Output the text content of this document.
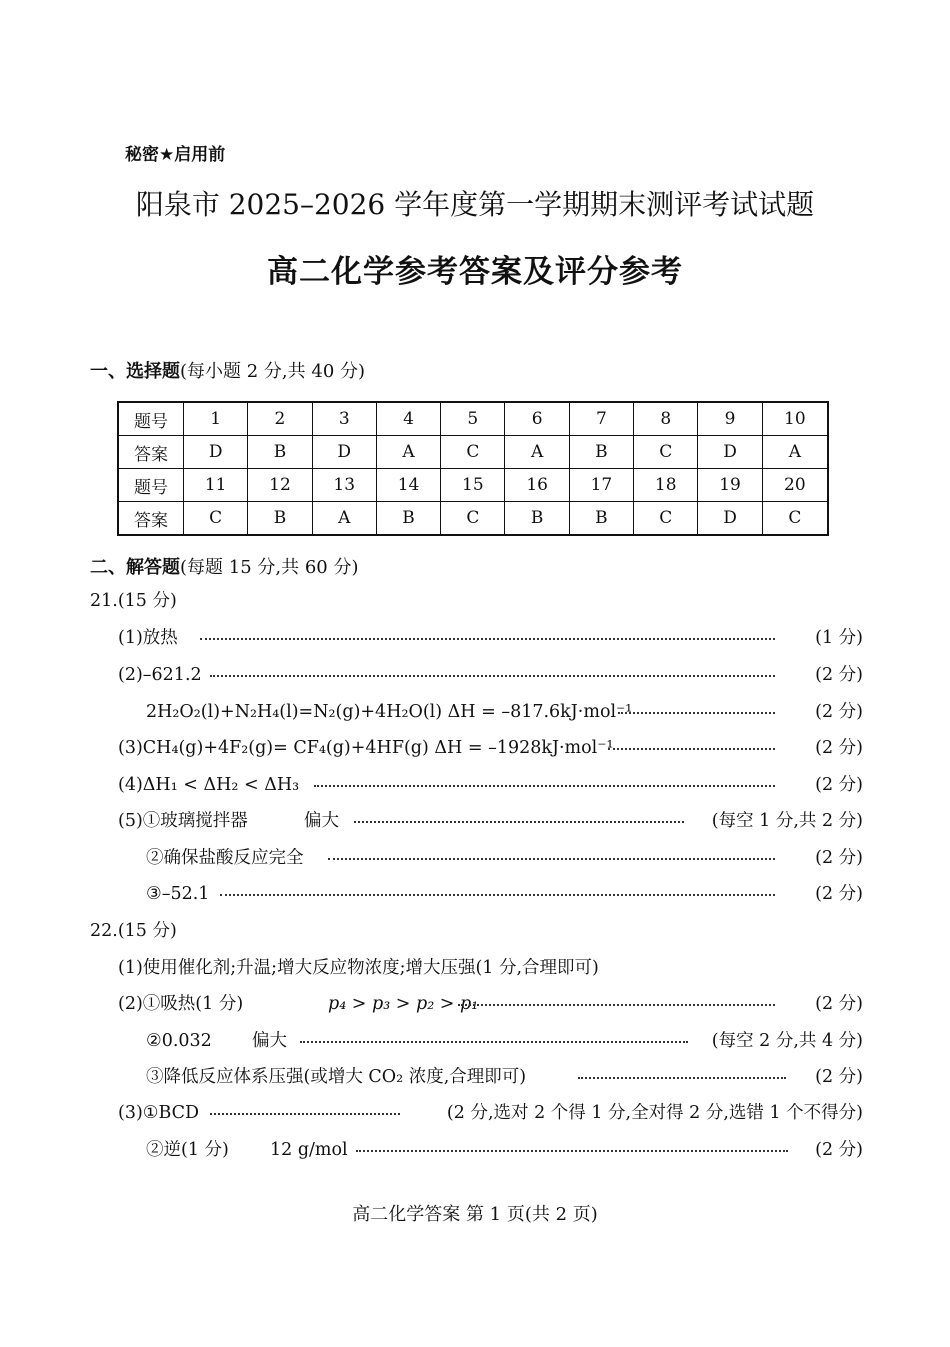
秘密★启用前
阳泉市 2025–2026 学年度第一学期期末测评考试试题
高二化学参考答案及评分参考
一、选择题(每小题 2 分,共 40 分)
题号	1	2	3	4	5	6	7	8	9	10
答案	D	B	D	A	C	A	B	C	D	A
题号	11	12	13	14	15	16	17	18	19	20
答案	C	B	A	B	C	B	B	C	D	C
二、解答题(每题 15 分,共 60 分)
21.(15 分)
(1)放热	(1 分)
(2)–621.2	(2 分)
2H₂O₂(l)+N₂H₄(l)=N₂(g)+4H₂O(l) ΔH = –817.6kJ·mol⁻¹	(2 分)
(3)CH₄(g)+4F₂(g)= CF₄(g)+4HF(g) ΔH = –1928kJ·mol⁻¹	(2 分)
(4)ΔH₁ < ΔH₂ < ΔH₃	(2 分)
(5)①玻璃搅拌器	偏大	(每空 1 分,共 2 分)
②确保盐酸反应完全	(2 分)
③–52.1	(2 分)
22.(15 分)
(1)使用催化剂;升温;增大反应物浓度;增大压强(1 分,合理即可)
(2)①吸热(1 分)	p₄ > p₃ > p₂ > p₁	(2 分)
②0.032 偏大	(每空 2 分,共 4 分)
③降低反应体系压强(或增大 CO₂ 浓度,合理即可)	(2 分)
(3)①BCD	(2 分,选对 2 个得 1 分,全对得 2 分,选错 1 个不得分)
②逆(1 分) 12 g/mol	(2 分)
高二化学答案 第 1 页(共 2 页)
